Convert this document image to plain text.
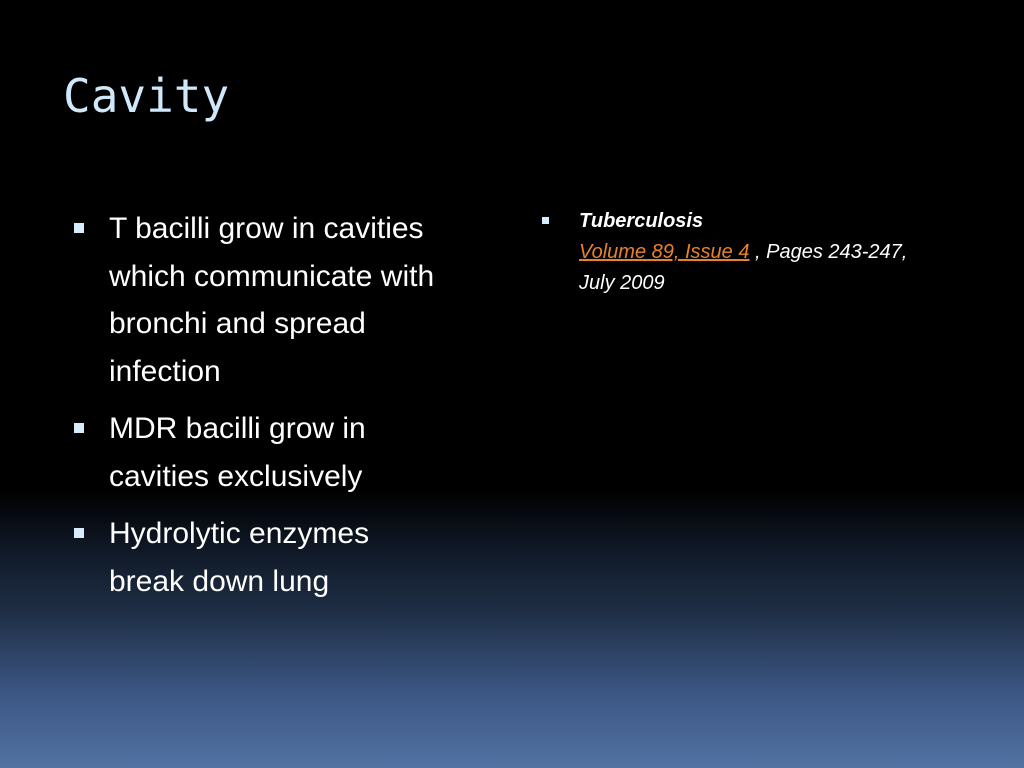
Cavity
T bacilli grow in cavities which communicate with bronchi and spread infection
MDR bacilli grow in cavities exclusively
Hydrolytic enzymes break down lung
Tuberculosis
Volume 89, Issue 4 , Pages 243-247, July 2009
